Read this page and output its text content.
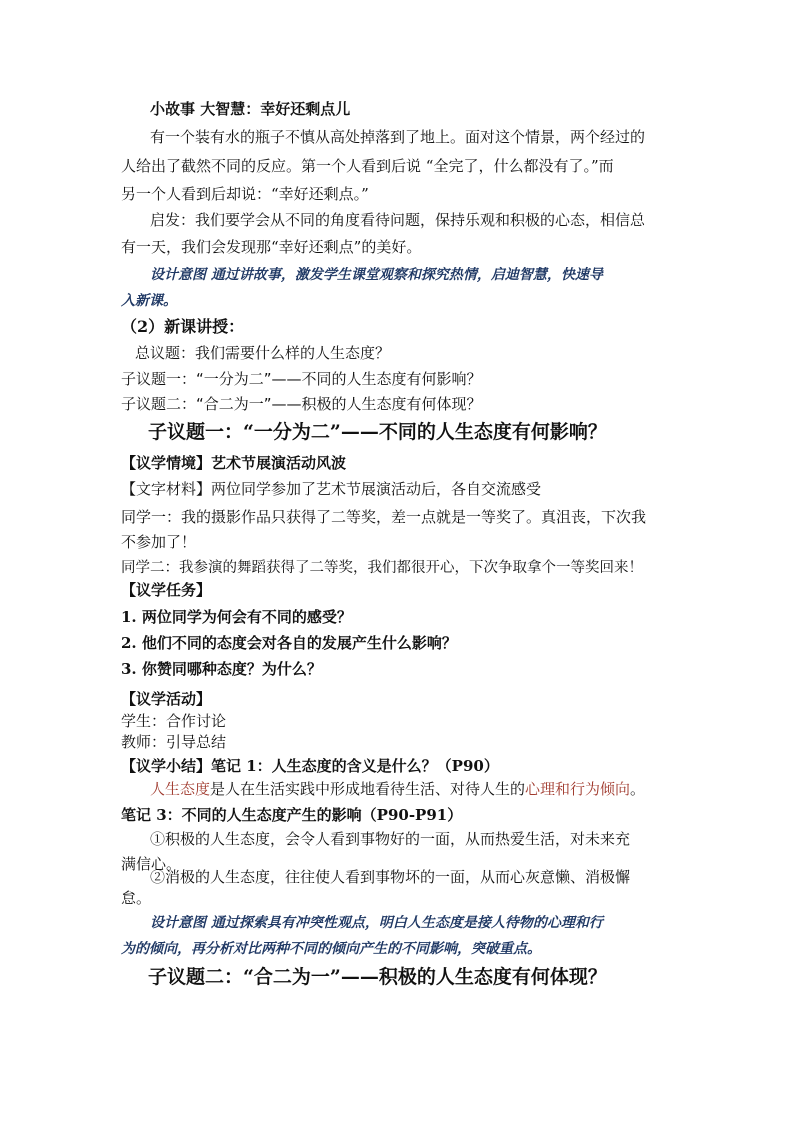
小故事 大智慧：幸好还剩点儿
有一个装有水的瓶子不慎从高处掉落到了地上。面对这个情景，两个经过的
人给出了截然不同的反应。第一个人看到后说 “全完了，什么都没有了。”而
另一个人看到后却说：“幸好还剩点。”
启发：我们要学会从不同的角度看待问题，保持乐观和积极的心态，相信总
有一天，我们会发现那“幸好还剩点”的美好。
设计意图 通过讲故事，激发学生课堂观察和探究热情，启迪智慧，快速导
入新课。
（2）新课讲授：
总议题：我们需要什么样的人生态度？
子议题一：“一分为二”——不同的人生态度有何影响？
子议题二：“合二为一”——积极的人生态度有何体现？
子议题一：“一分为二”——不同的人生态度有何影响？
【议学情境】艺术节展演活动风波
【文字材料】两位同学参加了艺术节展演活动后，各自交流感受
同学一：我的摄影作品只获得了二等奖，差一点就是一等奖了。真沮丧，下次我
不参加了！
同学二：我参演的舞蹈获得了二等奖，我们都很开心，下次争取拿个一等奖回来！
【议学任务】
1. 两位同学为何会有不同的感受？
2. 他们不同的态度会对各自的发展产生什么影响？
3. 你赞同哪种态度？为什么？
【议学活动】
学生：合作讨论
教师：引导总结
【议学小结】笔记 1：人生态度的含义是什么？（P90）
人生态度是人在生活实践中形成地看待生活、对待人生的心理和行为倾向。
笔记 3：不同的人生态度产生的影响（P90-P91）
①积极的人生态度，会令人看到事物好的一面，从而热爱生活，对未来充
满信心。
②消极的人生态度，往往使人看到事物坏的一面，从而心灰意懒、消极懈
怠。
设计意图 通过探索具有冲突性观点，明白人生态度是接人待物的心理和行
为的倾向，再分析对比两种不同的倾向产生的不同影响，突破重点。
子议题二：“合二为一”——积极的人生态度有何体现？
